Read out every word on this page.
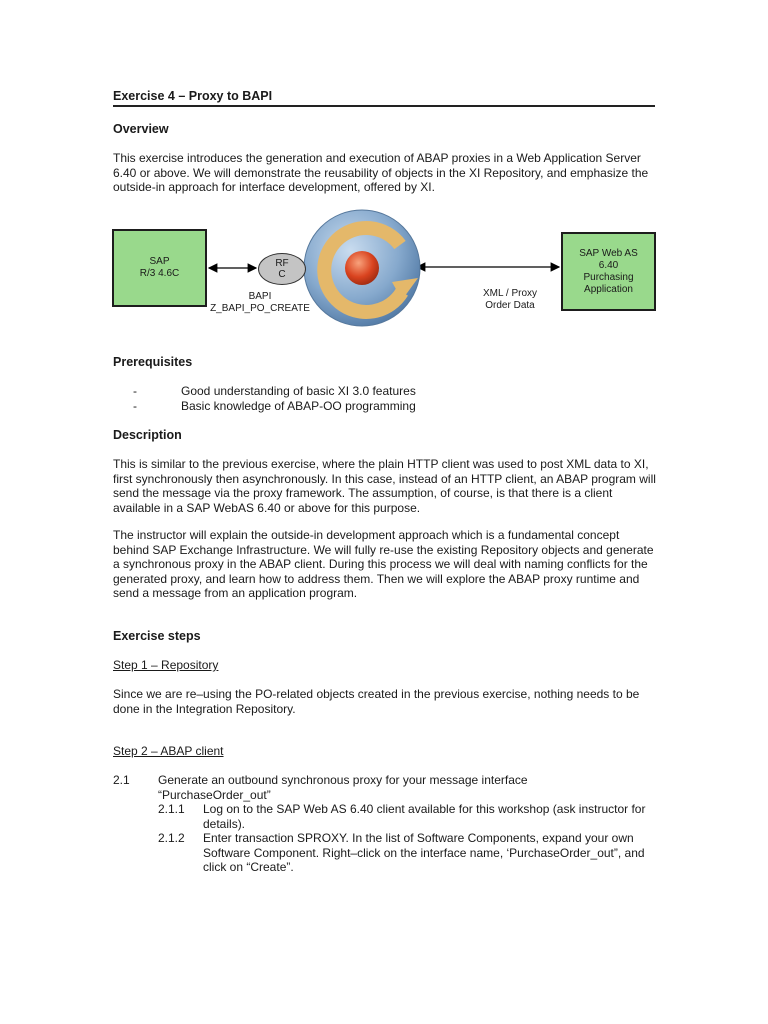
Exercise 4 – Proxy to BAPI
Overview

This exercise introduces the generation and execution of ABAP proxies in a Web Application Server 6.40 or above. We will demonstrate the reusability of objects in the XI Repository, and emphasize the outside-in approach for interface development, offered by XI.

SAP
R/3 4.6C
RF
C
BAPI
Z_BAPI_PO_CREATE
XML / Proxy
Order Data
SAP Web AS
6.40
Purchasing
Application
Prerequisites
-	Good understanding of basic XI 3.0 features
-	Basic knowledge of ABAP-OO programming
Description

This is similar to the previous exercise, where the plain HTTP client was used to post XML data to XI, first synchronously then asynchronously. In this case, instead of an HTTP client, an ABAP program will send the message via the proxy framework. The assumption, of course, is that there is a client available in a SAP WebAS 6.40 or above for this purpose.

The instructor will explain the outside-in development approach which is a fundamental concept behind SAP Exchange Infrastructure. We will fully re-use the existing Repository objects and generate a synchronous proxy in the ABAP client. During this process we will deal with naming conflicts for the generated proxy, and learn how to address them. Then we will explore the ABAP proxy runtime and send a message from an application program.

Exercise steps
Step 1 – Repository

Since we are re–using the PO-related objects created in the previous exercise, nothing needs to be done in the Integration Repository.

Step 2 – ABAP client
2.1 Generate an outbound synchronous proxy for your message interface “PurchaseOrder_out”

2.1.1 Log on to the SAP Web AS 6.40 client available for this workshop (ask instructor for details).

2.1.2 Enter transaction SPROXY. In the list of Software Components, expand your own Software Component. Right–click on the interface name, ‘PurchaseOrder_out”, and click on “Create”.
